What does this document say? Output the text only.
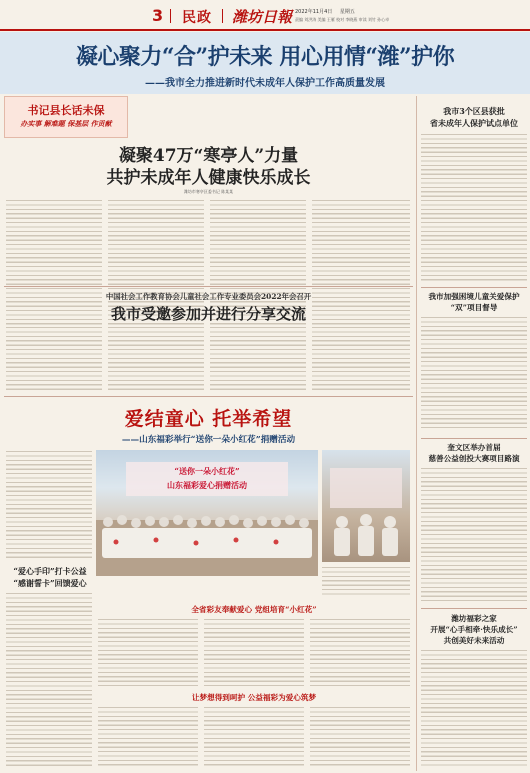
3 民政 潍坊日報 2022年11月4日 星期五
责编 刘洪涛 美编 王雁 校对 李晓燕 审读 刘竹 孙心卓
凝心聚力“合”护未来 用心用情“潍”护你
——我市全力推进新时代未成年人保护工作高质量发展
书记县长话未保
办实事 解难题 保基层 作贡献
凝聚47万“寒亭人”力量
共护未成年人健康快乐成长
潍坊市寒亭区委书记 陈某某
我市3个区县获批
省未成年人保护试点单位
我市加强困境儿童关爱保护
“双”项目督导
奎文区举办首届
慈善公益创投大赛项目路演
潍坊福彩之家
开展“心手相牵·快乐成长”
共创美好未来活动
中国社会工作教育协会儿童社会工作专业委员会2022年会召开
我市受邀参加并进行分享交流
爱结童心 托举希望
——山东福彩举行“送你一朵小红花”捐赠活动
“送你一朵小红花”
山东福彩爱心捐赠活动
“爱心手印”打卡公益
“感谢誓卡”回馈爱心
全省彩友奉献爱心 党组培育“小红花”
让梦想得到呵护 公益福彩为爱心筑梦
